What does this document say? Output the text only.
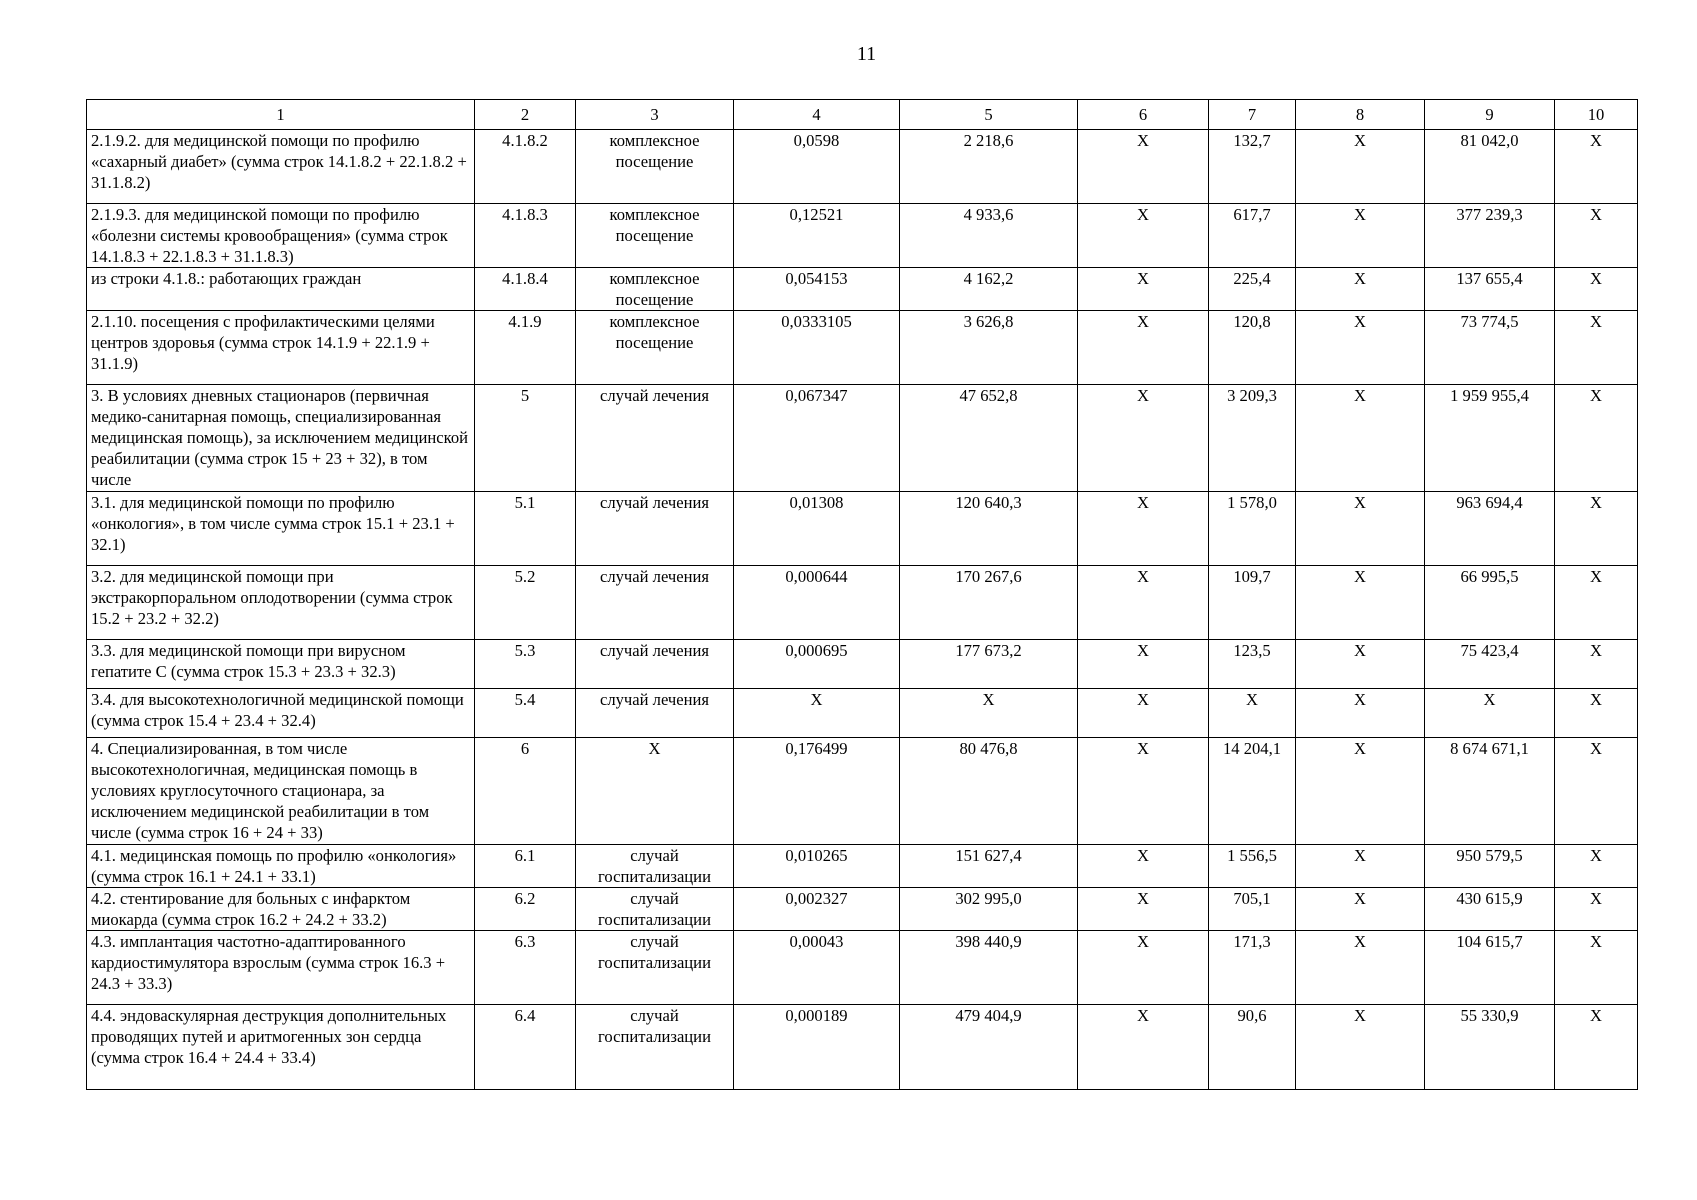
11
1	2	3	4	5	6	7	8	9	10
2.1.9.2. для медицинской помощи по профилю «сахарный диабет» (сумма строк 14.1.8.2 + 22.1.8.2 + 31.1.8.2)	4.1.8.2	комплексное посещение	0,0598	2 218,6	Х	132,7	Х	81 042,0	Х
2.1.9.3. для медицинской помощи по профилю «болезни системы кровообращения» (сумма строк 14.1.8.3 + 22.1.8.3 + 31.1.8.3)	4.1.8.3	комплексное посещение	0,12521	4 933,6	Х	617,7	Х	377 239,3	Х
из строки 4.1.8.: работающих граждан	4.1.8.4	комплексное посещение	0,054153	4 162,2	Х	225,4	Х	137 655,4	Х
2.1.10. посещения с профилактическими целями центров здоровья (сумма строк 14.1.9 + 22.1.9 + 31.1.9)	4.1.9	комплексное посещение	0,0333105	3 626,8	Х	120,8	Х	73 774,5	Х
3. В условиях дневных стационаров (первичная медико-санитарная помощь, специализированная медицинская помощь), за исключением медицинской реабилитации (сумма строк 15 + 23 + 32), в том числе	5	случай лечения	0,067347	47 652,8	Х	3 209,3	Х	1 959 955,4	Х
3.1. для медицинской помощи по профилю «онкология», в том числе сумма строк 15.1 + 23.1 + 32.1)	5.1	случай лечения	0,01308	120 640,3	Х	1 578,0	Х	963 694,4	Х
3.2. для медицинской помощи при экстракорпоральном оплодотворении (сумма строк 15.2 + 23.2 + 32.2)	5.2	случай лечения	0,000644	170 267,6	Х	109,7	Х	66 995,5	Х
3.3. для медицинской помощи при вирусном гепатите С (сумма строк 15.3 + 23.3 + 32.3)	5.3	случай лечения	0,000695	177 673,2	Х	123,5	Х	75 423,4	Х
3.4. для высокотехнологичной медицинской помощи (сумма строк 15.4 + 23.4 + 32.4)	5.4	случай лечения	Х	Х	Х	Х	Х	Х	Х
4. Специализированная, в том числе высокотехнологичная, медицинская помощь в условиях круглосуточного стационара, за исключением медицинской реабилитации в том числе (сумма строк 16 + 24 + 33)	6	Х	0,176499	80 476,8	Х	14 204,1	Х	8 674 671,1	Х
4.1. медицинская помощь по профилю «онкология» (сумма строк 16.1 + 24.1 + 33.1)	6.1	случай госпитализации	0,010265	151 627,4	Х	1 556,5	Х	950 579,5	Х
4.2. стентирование для больных с инфарктом миокарда (сумма строк 16.2 + 24.2 + 33.2)	6.2	случай госпитализации	0,002327	302 995,0	Х	705,1	Х	430 615,9	Х
4.3. имплантация частотно-адаптированного кардиостимулятора взрослым (сумма строк 16.3 + 24.3 + 33.3)	6.3	случай госпитализации	0,00043	398 440,9	Х	171,3	Х	104 615,7	Х
4.4. эндоваскулярная деструкция дополнительных проводящих путей и аритмогенных зон сердца (сумма строк 16.4 + 24.4 + 33.4)	6.4	случай госпитализации	0,000189	479 404,9	Х	90,6	Х	55 330,9	Х
